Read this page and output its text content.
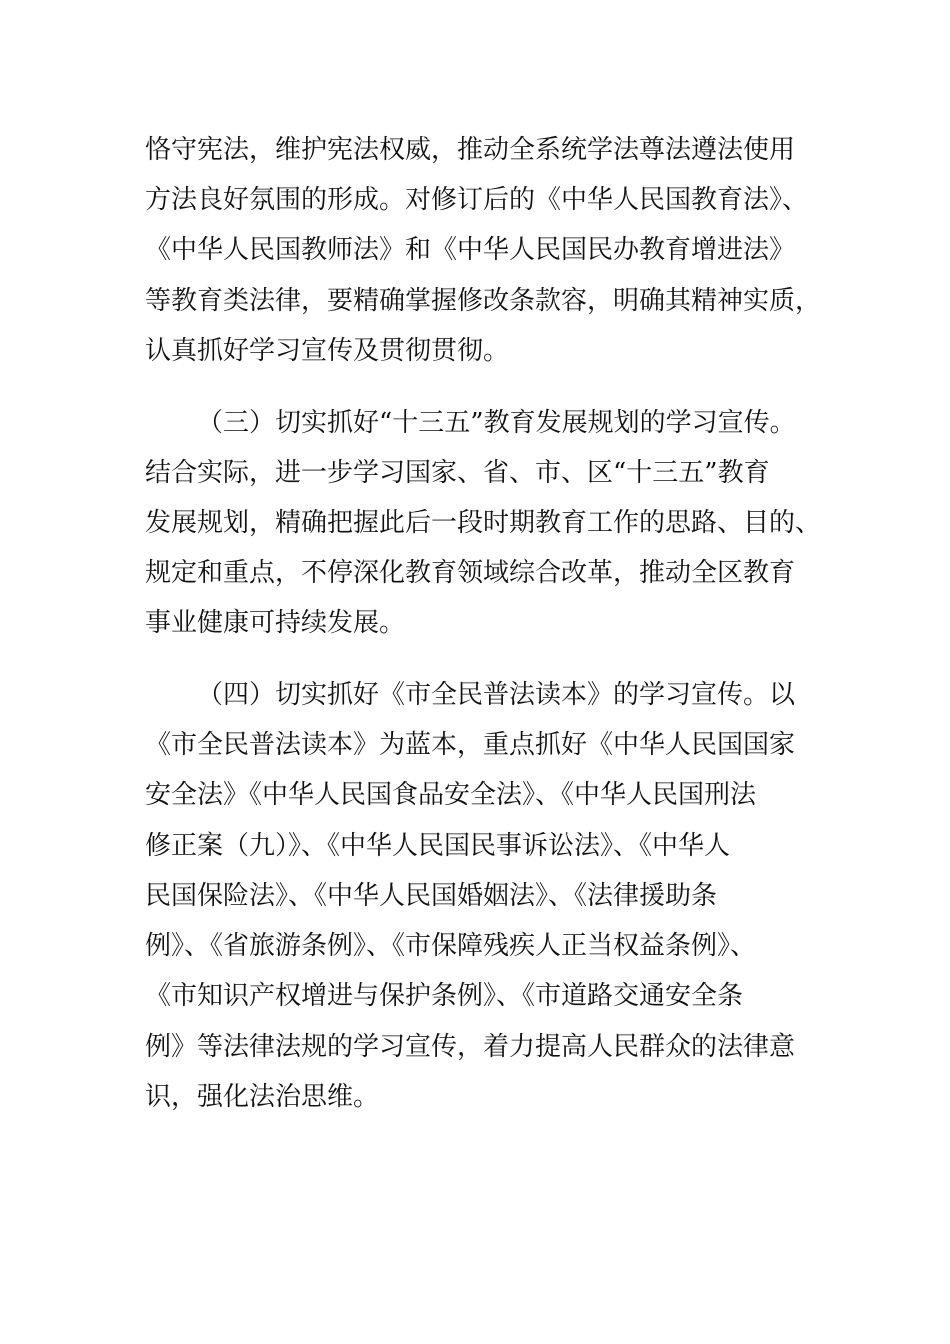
恪守宪法，维护宪法权威，推动全系统学法尊法遵法使用
方法良好氛围的形成。对修订后的《中华人民国教育法》、
《中华人民国教师法》和《中华人民国民办教育增进法》
等教育类法律，要精确掌握修改条款容，明确其精神实质，
认真抓好学习宣传及贯彻贯彻。
（三）切实抓好“十三五”教育发展规划的学习宣传。
结合实际，进一步学习国家、省、市、区“十三五”教育
发展规划，精确把握此后一段时期教育工作的思路、目的、
规定和重点，不停深化教育领域综合改革，推动全区教育
事业健康可持续发展。
（四）切实抓好《市全民普法读本》的学习宣传。以
《市全民普法读本》为蓝本，重点抓好《中华人民国国家
安全法》《中华人民国食品安全法》、《中华人民国刑法
修正案（九）》、《中华人民国民事诉讼法》、《中华人
民国保险法》、《中华人民国婚姻法》、《法律援助条
例》、《省旅游条例》、《市保障残疾人正当权益条例》、
《市知识产权增进与保护条例》、《市道路交通安全条
例》等法律法规的学习宣传，着力提高人民群众的法律意
识，强化法治思维。
